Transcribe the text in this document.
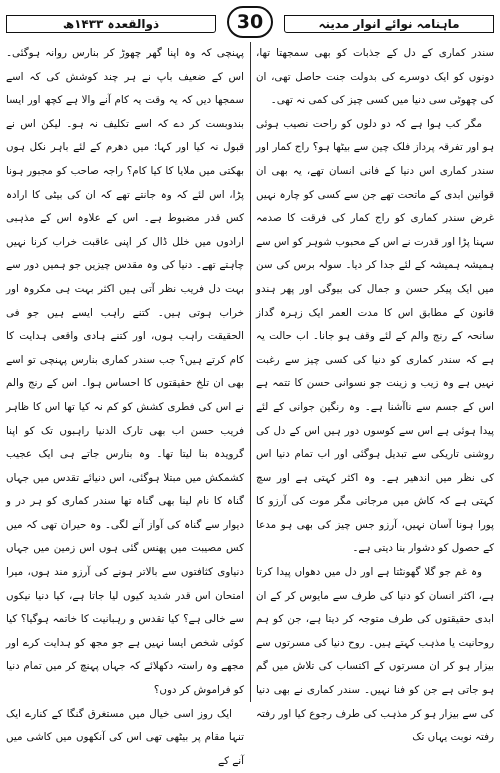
ماہنامہ نوائے انوار مدینہ
30
ذوالقعدہ ۱۴۳۳ھ

سندر کماری کے دل کے جذبات کو بھی سمجھتا تھا، دونوں کو ایک دوسرے کی بدولت جنت حاصل تھی، ان کی چھوٹی سی دنیا میں کسی چیز کی کمی نہ تھی۔

مگر کب ہوا ہے کہ دو دلوں کو راحت نصیب ہوئی ہو اور تفرقہ پرداز فلک چین سے بیٹھا ہو؟ راج کمار اور سندر کماری اس دنیا کے فانی انسان تھے، یہ بھی ان قوانین ابدی کے ماتحت تھے جن سے کسی کو چارہ نہیں غرض سندر کماری کو راج کمار کی فرقت کا صدمہ سہنا پڑا اور قدرت نے اس کے محبوب شوہر کو اس سے ہمیشہ ہمیشہ کے لئے جدا کر دیا۔ سولہ برس کی سن میں ایک پیکر حسن و جمال کی بیوگی اور پھر ہندو قانون کے مطابق اس کا مدت العمر ایک زہرہ گداز سانحہ کے رنج والم کے لئے وقف ہو جانا۔ اب حالت یہ ہے کہ سندر کماری کو دنیا کی کسی چیز سے رغبت نہیں ہے وہ زیب و زینت جو نسوانی حسن کا تتمہ ہے اس کے جسم سے ناآشنا ہے۔ وہ رنگین جوانی کے لئے پیدا ہوئی ہے اس سے کوسوں دور ہیں اس کے دل کی روشنی تاریکی سے تبدیل ہوگئی اور اب تمام دنیا اس کی نظر میں اندھیر ہے۔ وہ اکثر کہتی ہے اور سچ کہتی ہے کہ کاش میں مرجاتی مگر موت کی آرزو کا پورا ہونا آسان نہیں، آرزو جس چیز کی بھی ہو مدعا کے حصول کو دشوار بنا دیتی ہے۔

وہ غم جو گلا گھونٹتا ہے اور دل میں دھواں پیدا کرتا ہے، اکثر انسان کو دنیا کی طرف سے مایوس کر کے ان ابدی حقیقتوں کی طرف متوجہ کر دیتا ہے، جن کو ہم روحانیت یا مذہب کہتے ہیں۔ روح دنیا کی مسرتوں سے بیزار ہو کر ان مسرتوں کے اکتساب کی تلاش میں گم ہو جاتی ہے جن کو فنا نہیں۔ سندر کماری نے بھی دنیا کی سے بیزار ہو کر مذہب کی طرف رجوع کیا اور رفتہ رفتہ نوبت یہاں تک

پہنچی کہ وہ اپنا گھر چھوڑ کر بنارس روانہ ہوگئی۔ اس کے ضعیف باپ نے ہر چند کوشش کی کہ اسے سمجھا دیں کہ یہ وقت یہ کام آنے والا ہے کچھ اور ایسا بندوبست کر دے کہ اسے تکلیف نہ ہو۔ لیکن اس نے قبول نہ کیا اور کہا: میں دھرم کے لئے باہر نکل ہوں بھکتی میں ملایا کا کیا کام؟ راجہ صاحب کو مجبور ہونا پڑا، اس لئے کہ وہ جانتے تھے کہ ان کی بیٹی کا ارادہ کس قدر مضبوط ہے۔ اس کے علاوہ اس کے مذہبی ارادوں میں خلل ڈال کر اپنی عاقبت خراب کرنا نہیں چاہتے تھے۔ دنیا کی وہ مقدس چیزیں جو ہمیں دور سے بہت دل فریب نظر آتی ہیں اکثر بہت ہی مکروہ اور خراب ہوتی ہیں۔ کتنے راہب ایسے ہیں جو فی الحقیقت راہب ہوں، اور کتنے ہادی واقعی ہدایت کا کام کرتے ہیں؟ جب سندر کماری بنارس پہنچی تو اسے بھی ان تلخ حقیقتوں کا احساس ہوا۔ اس کے رنج والم نے اس کی فطری کشش کو کم نہ کیا تھا اس کا ظاہر فریب حسن اب بھی تارک الدنیا راہبوں تک کو اپنا گرویدہ بنا لیتا تھا۔ وہ بنارس جاتے ہی ایک عجیب کشمکش میں مبتلا ہوگئی، اس دنیائے تقدس میں جہاں گناہ کا نام لینا بھی گناہ تھا سندر کماری کو ہر در و دیوار سے گناہ کی آواز آنے لگی۔ وہ حیران تھی کہ میں کس مصیبت میں پھنس گئی ہوں اس زمین میں جہاں دنیاوی کثافتوں سے بالاتر ہونے کی آرزو مند ہوں، میرا امتحان اس قدر شدید کیوں لیا جاتا ہے، کیا دنیا نیکوں سے خالی ہے؟ کیا تقدس و رہبانیت کا خاتمہ ہوگیا؟ کیا کوئی شخص ایسا نہیں ہے جو مجھ کو ہدایت کرے اور مجھے وہ راستہ دکھلائے کہ جہاں پہنچ کر میں تمام دنیا کو فراموش کر دوں؟

ایک روز اسی خیال میں مستغرق گنگا کے کنارے ایک تنہا مقام پر بیٹھی تھی اس کی آنکھوں میں کاشی میں آنے کے
